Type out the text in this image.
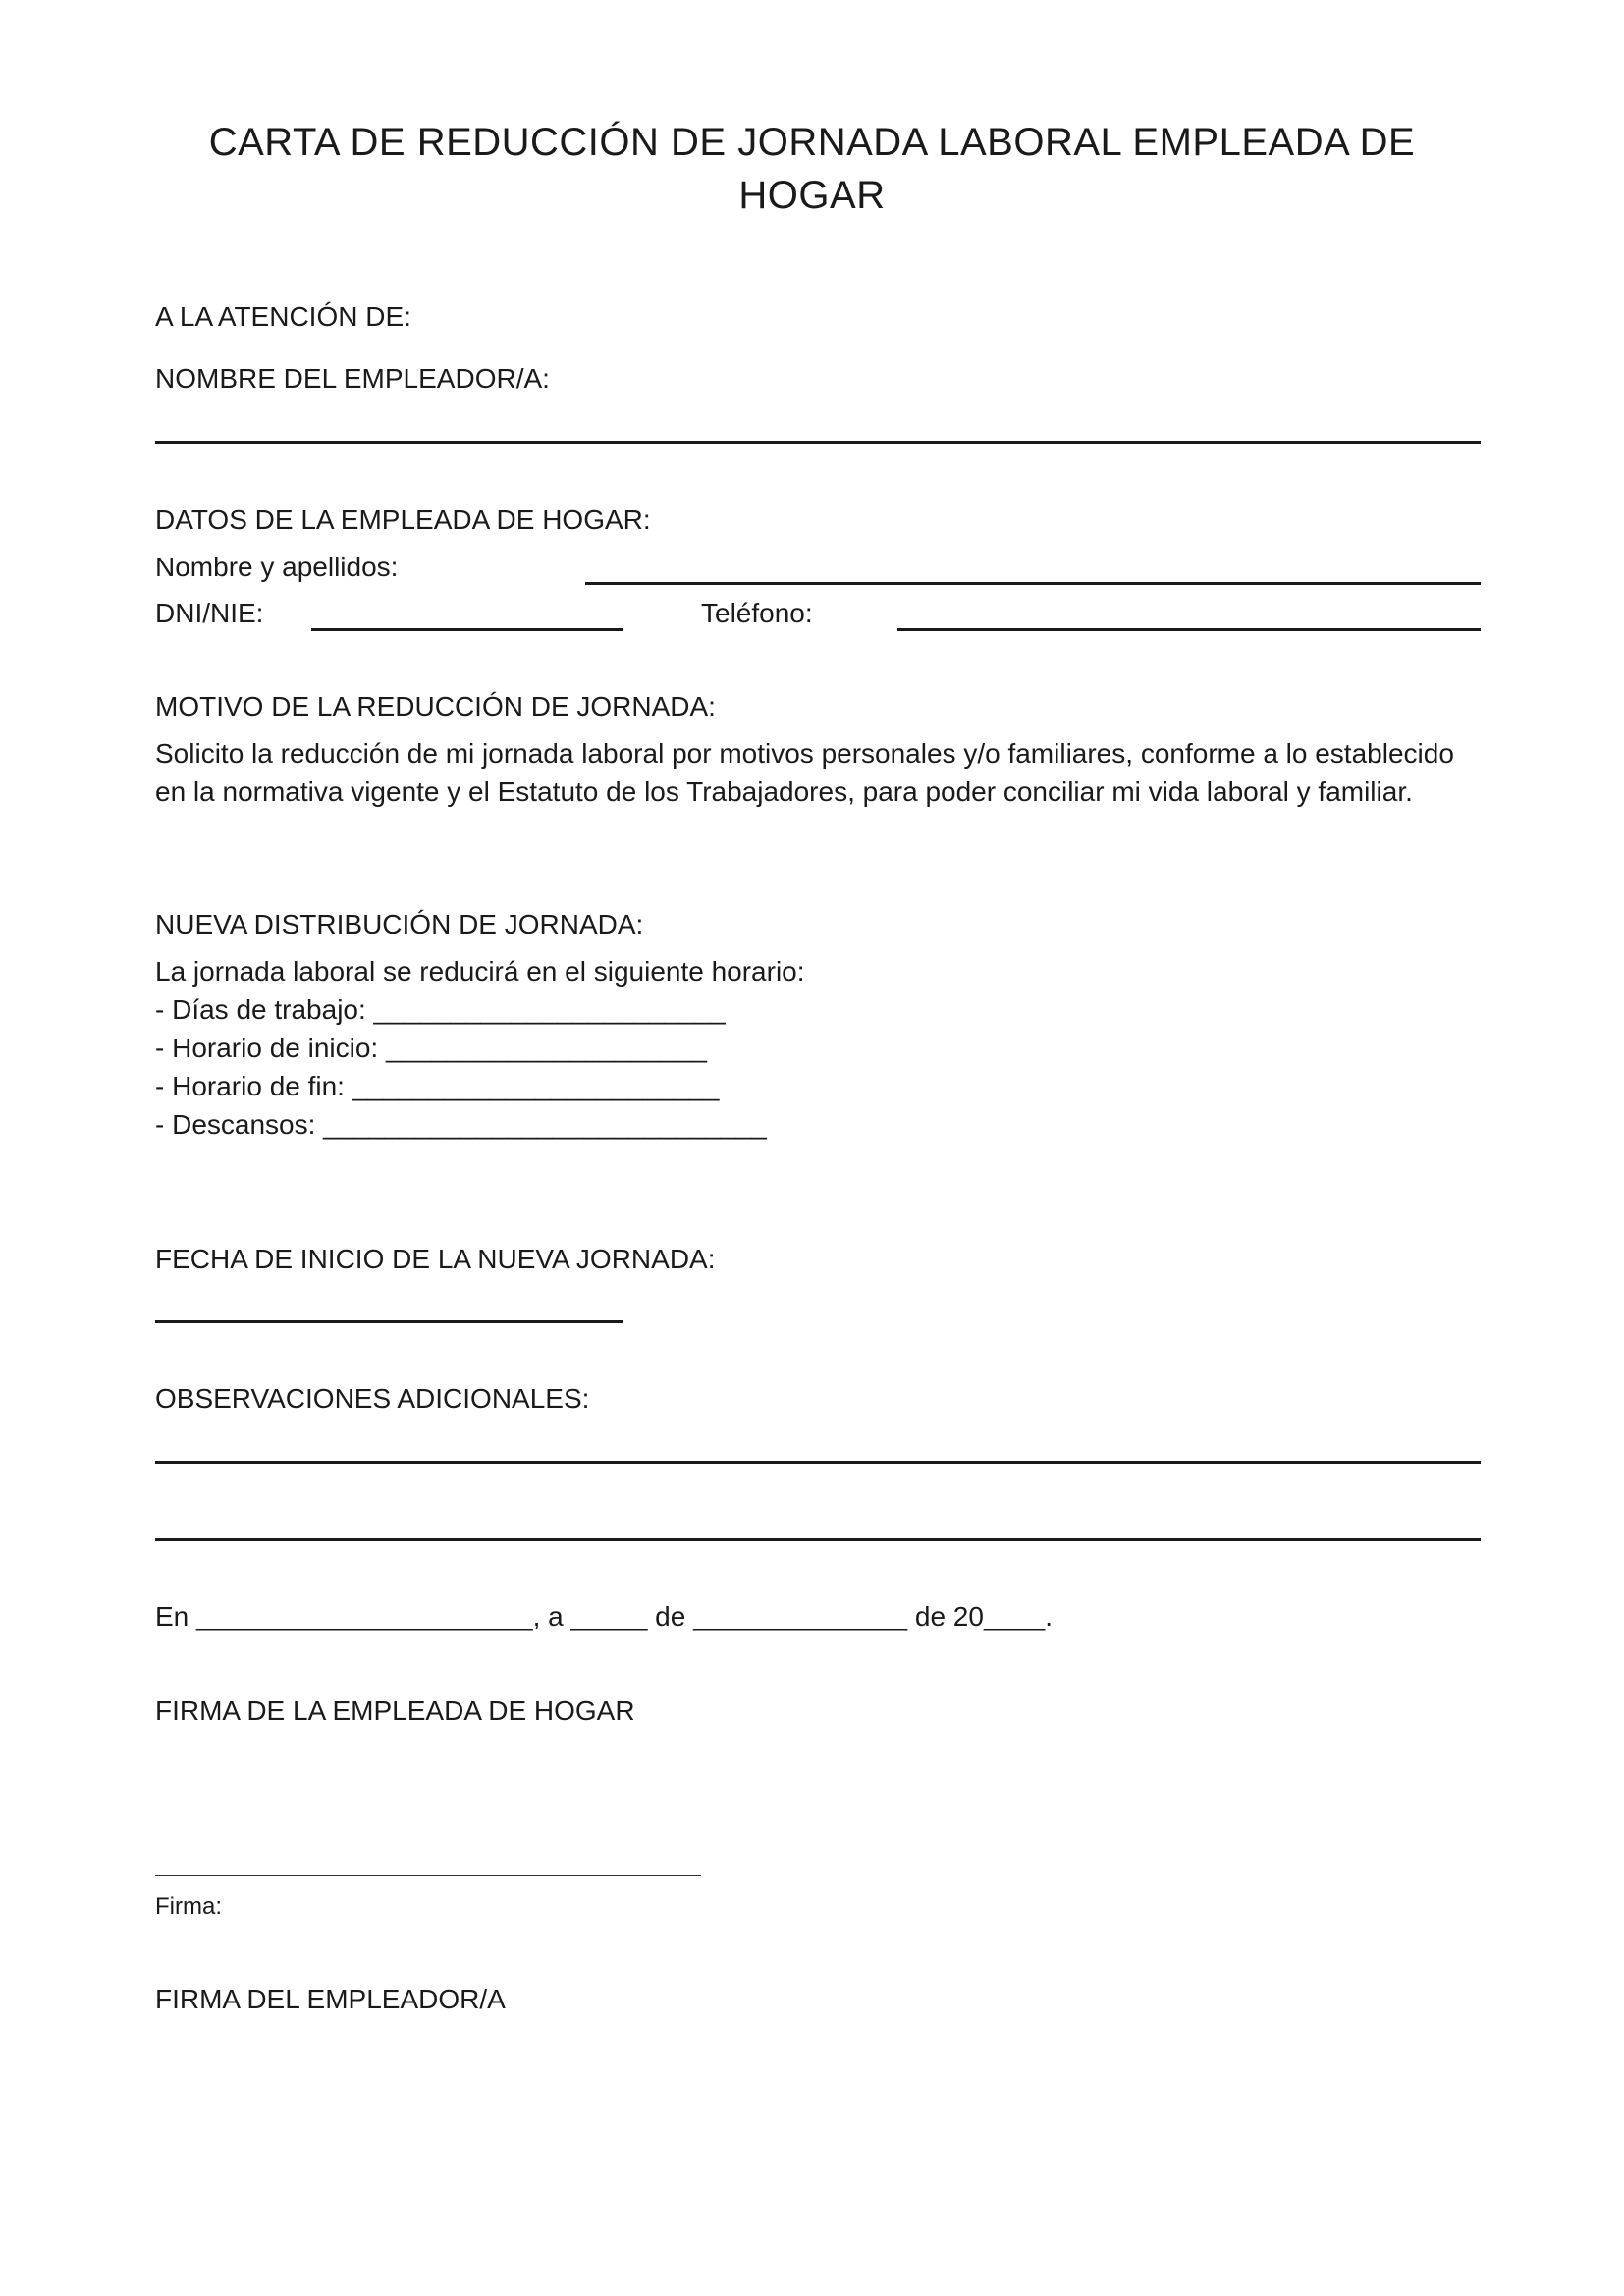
CARTA DE REDUCCIÓN DE JORNADA LABORAL EMPLEADA DE
HOGAR
A LA ATENCIÓN DE:
NOMBRE DEL EMPLEADOR/A:
DATOS DE LA EMPLEADA DE HOGAR:
Nombre y apellidos:
DNI/NIE:	Teléfono:
MOTIVO DE LA REDUCCIÓN DE JORNADA:
Solicito la reducción de mi jornada laboral por motivos personales y/o familiares, conforme a lo establecido
en la normativa vigente y el Estatuto de los Trabajadores, para poder conciliar mi vida laboral y familiar.
NUEVA DISTRIBUCIÓN DE JORNADA:
La jornada laboral se reducirá en el siguiente horario:
- Días de trabajo: _______________________
- Horario de inicio: _____________________
- Horario de fin: ________________________
- Descansos: _____________________________
FECHA DE INICIO DE LA NUEVA JORNADA:
OBSERVACIONES ADICIONALES:
En ______________________, a _____ de ______________ de 20____.
FIRMA DE LA EMPLEADA DE HOGAR
Firma:
FIRMA DEL EMPLEADOR/A
